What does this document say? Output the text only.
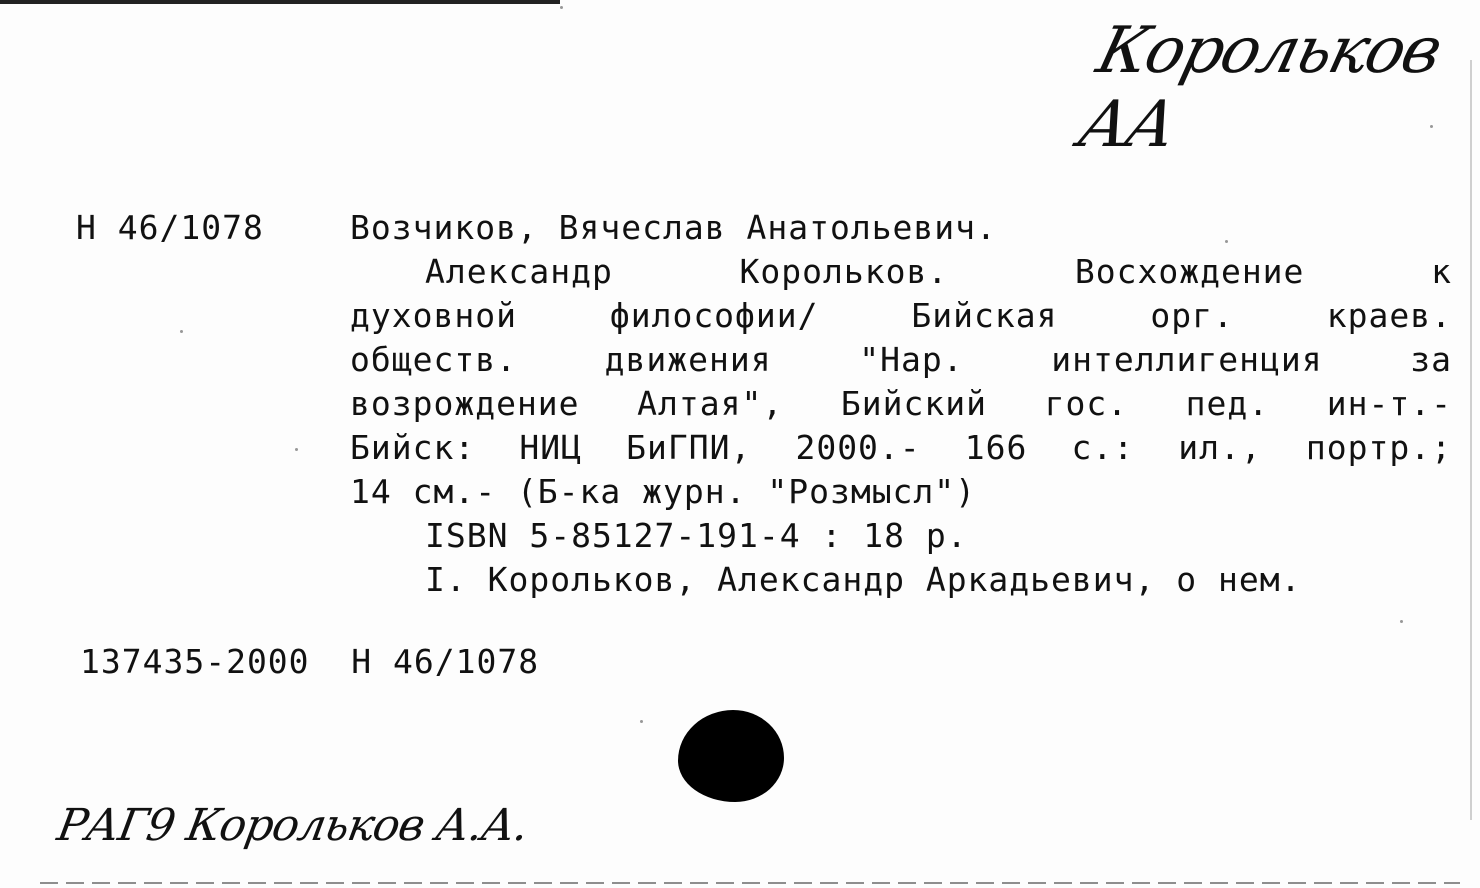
Корольков АА
Н 46/1078	Возчиков, Вячеслав Анатольевич.
Александр Корольков. Восхождение к
духовной философии/ Бийская орг. краев.
обществ. движения "Нар. интеллигенция за
возрождение Алтая", Бийский гос. пед. ин-т.-
Бийск: НИЦ БиГПИ, 2000.- 166 с.: ил., портр.;
14 см.- (Б-ка журн. "Розмысл")
ISBN 5-85127-191-4 : 18 р.
I. Корольков, Александр Аркадьевич, о нем.
137435-2000  Н 46/1078
РАГ9 Корольков А.А.
